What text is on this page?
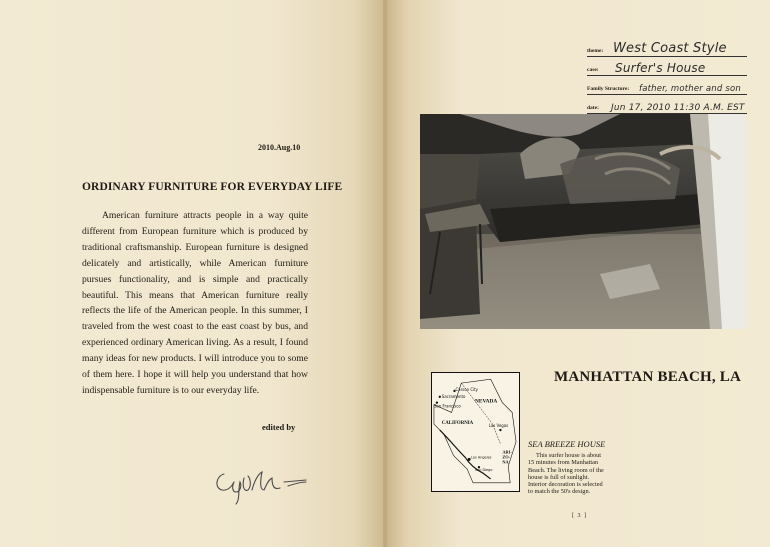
2010.Aug.10
ORDINARY FURNITURE FOR EVERYDAY LIFE

American furniture attracts people in a way quite different from European furniture which is produced by traditional craftsmanship. European furniture is designed delicately and artistically, while American furniture pursues functionality, and is simple and practically beautiful. This means that American furniture really reflects the life of the American people. In this summer, I traveled from the west coast to the east coast by bus, and experienced ordinary American living. As a result, I found many ideas for new products. I will introduce you to some of them here. I hope it will help you understand that how indispensable furniture is to our everyday life.

edited by
theme: West Coast Style
case: Surfer's House
Family Structure: father, mother and son
date: Jun 17, 2010 11:30 A.M. EST
MANHATTAN BEACH, LA
Carson City
Sacramento
San Francisco
NEVADA
CALIFORNIA	Las Vegas
ARI-
ZO-
NA
Los Angeles
San Diego
SEA BREEZE HOUSE
This surfer house is about 15 minutes from Manhattan Beach. The living room of the house is full of sunlight. Interior decoration is selected to match the 50's design.
[ 3 ]
